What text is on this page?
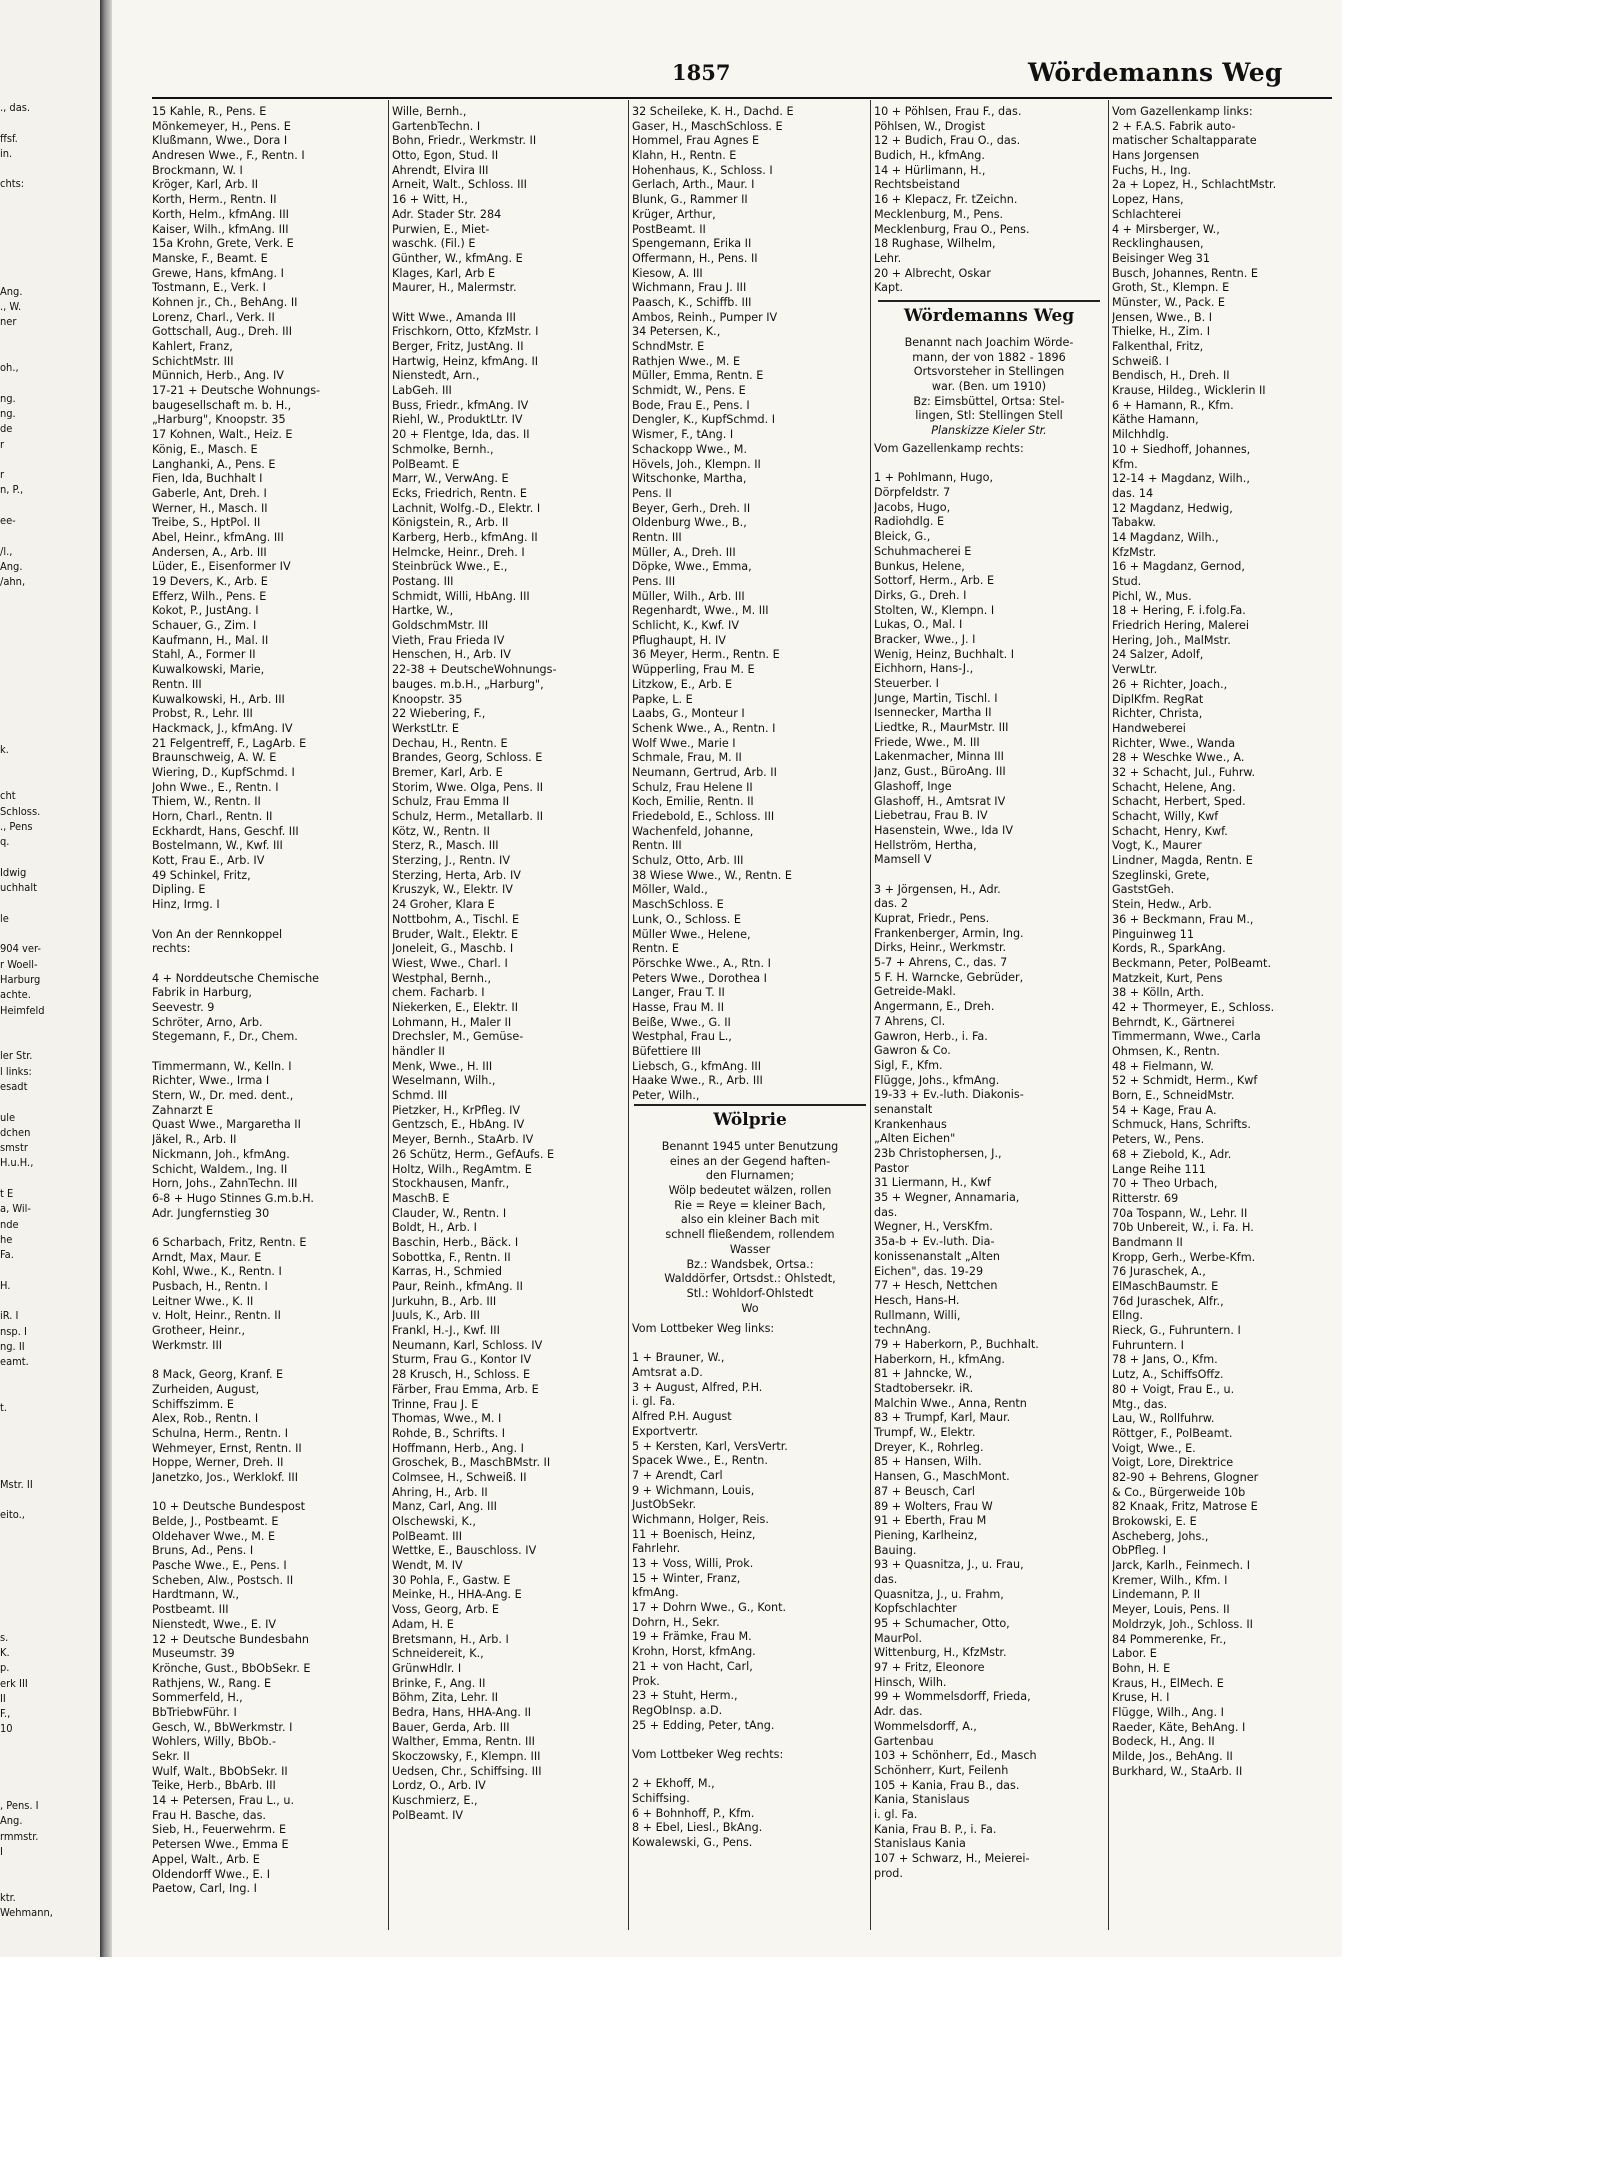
., das.
ffsf.
in.
chts:
Ang.
., W.
ner
oh.,
ng.
ng.
de
r
r
n, P.,
ee-
/l.,
Ang.
/ahn,
k.
cht
Schloss.
., Pens
q.
Idwig
uchhalt
le
904 ver-
r Woell-
Harburg
achte.
Heimfeld
ler Str.
l links:
esadt
ule
dchen
smstr
H.u.H.,
t E
a, Wil-
nde
he
Fa.
H.
iR. I
nsp. I
ng. II
eamt.
t.
Mstr. II
eito.,
s.
K.
p.
erk III
II
F.,
10
, Pens. I
Ang.
rmmstr.
I
ktr.
Wehmann,
1857	Wördemanns Weg
15 Kahle, R., Pens. E
Mönkemeyer, H., Pens. E
Klußmann, Wwe., Dora I
Andresen Wwe., F., Rentn. I
Brockmann, W. I
Kröger, Karl, Arb. II
Korth, Herm., Rentn. II
Korth, Helm., kfmAng. III
Kaiser, Wilh., kfmAng. III
15a Krohn, Grete, Verk. E
Manske, F., Beamt. E
Grewe, Hans, kfmAng. I
Tostmann, E., Verk. I
Kohnen jr., Ch., BehAng. II
Lorenz, Charl., Verk. II
Gottschall, Aug., Dreh. III
Kahlert, Franz,
SchichtMstr. III
Münnich, Herb., Ang. IV
17-21 + Deutsche Wohnungs-
baugesellschaft m. b. H.,
„Harburg", Knoopstr. 35
17 Kohnen, Walt., Heiz. E
König, E., Masch. E
Langhanki, A., Pens. E
Fien, Ida, Buchhalt I
Gaberle, Ant, Dreh. I
Werner, H., Masch. II
Treibe, S., HptPol. II
Abel, Heinr., kfmAng. III
Andersen, A., Arb. III
Lüder, E., Eisenformer IV
19 Devers, K., Arb. E
Efferz, Wilh., Pens. E
Kokot, P., JustAng. I
Schauer, G., Zim. I
Kaufmann, H., Mal. II
Stahl, A., Former II
Kuwalkowski, Marie,
Rentn. III
Kuwalkowski, H., Arb. III
Probst, R., Lehr. III
Hackmack, J., kfmAng. IV
21 Felgentreff, F., LagArb. E
Braunschweig, A. W. E
Wiering, D., KupfSchmd. I
John Wwe., E., Rentn. I
Thiem, W., Rentn. II
Horn, Charl., Rentn. II
Eckhardt, Hans, Geschf. III
Bostelmann, W., Kwf. III
Kott, Frau E., Arb. IV
49 Schinkel, Fritz,
Dipling. E
Hinz, Irmg. I
Von An der Rennkoppel
rechts:
4 + Norddeutsche Chemische
Fabrik in Harburg,
Seevestr. 9
Schröter, Arno, Arb.
Stegemann, F., Dr., Chem.
Timmermann, W., Kelln. I
Richter, Wwe., Irma I
Stern, W., Dr. med. dent.,
Zahnarzt E
Quast Wwe., Margaretha II
Jäkel, R., Arb. II
Nickmann, Joh., kfmAng.
Schicht, Waldem., Ing. II
Horn, Johs., ZahnTechn. III
6-8 + Hugo Stinnes G.m.b.H.
Adr. Jungfernstieg 30
6 Scharbach, Fritz, Rentn. E
Arndt, Max, Maur. E
Kohl, Wwe., K., Rentn. I
Pusbach, H., Rentn. I
Leitner Wwe., K. II
v. Holt, Heinr., Rentn. II
Grotheer, Heinr.,
Werkmstr. III
8 Mack, Georg, Kranf. E
Zurheiden, August,
Schiffszimm. E
Alex, Rob., Rentn. I
Schulna, Herm., Rentn. I
Wehmeyer, Ernst, Rentn. II
Hoppe, Werner, Dreh. II
Janetzko, Jos., Werklokf. III
10 + Deutsche Bundespost
Belde, J., Postbeamt. E
Oldehaver Wwe., M. E
Bruns, Ad., Pens. I
Pasche Wwe., E., Pens. I
Scheben, Alw., Postsch. II
Hardtmann, W.,
Postbeamt. III
Nienstedt, Wwe., E. IV
12 + Deutsche Bundesbahn
Museumstr. 39
Krönche, Gust., BbObSekr. E
Rathjens, W., Rang. E
Sommerfeld, H.,
BbTriebwFühr. I
Gesch, W., BbWerkmstr. I
Wohlers, Willy, BbOb.-
Sekr. II
Wulf, Walt., BbObSekr. II
Teike, Herb., BbArb. III
14 + Petersen, Frau L., u.
Frau H. Basche, das.
Sieb, H., Feuerwehrm. E
Petersen Wwe., Emma E
Appel, Walt., Arb. E
Oldendorff Wwe., E. I
Paetow, Carl, Ing. I
Wille, Bernh.,
GartenbTechn. I
Bohn, Friedr., Werkmstr. II
Otto, Egon, Stud. II
Ahrendt, Elvira III
Arneit, Walt., Schloss. III
16 + Witt, H.,
Adr. Stader Str. 284
Purwien, E., Miet-
waschk. (Fil.) E
Günther, W., kfmAng. E
Klages, Karl, Arb E
Maurer, H., Malermstr.
Witt Wwe., Amanda III
Frischkorn, Otto, KfzMstr. I
Berger, Fritz, JustAng. II
Hartwig, Heinz, kfmAng. II
Nienstedt, Arn.,
LabGeh. III
Buss, Friedr., kfmAng. IV
Riehl, W., ProduktLtr. IV
20 + Flentge, Ida, das. II
Schmolke, Bernh.,
PolBeamt. E
Marr, W., VerwAng. E
Ecks, Friedrich, Rentn. E
Lachnit, Wolfg.-D., Elektr. I
Königstein, R., Arb. II
Karberg, Herb., kfmAng. II
Helmcke, Heinr., Dreh. I
Steinbrück Wwe., E.,
Postang. III
Schmidt, Willi, HbAng. III
Hartke, W.,
GoldschmMstr. III
Vieth, Frau Frieda IV
Henschen, H., Arb. IV
22-38 + DeutscheWohnungs-
bauges. m.b.H., „Harburg",
Knoopstr. 35
22 Wiebering, F.,
WerkstLtr. E
Dechau, H., Rentn. E
Brandes, Georg, Schloss. E
Bremer, Karl, Arb. E
Storim, Wwe. Olga, Pens. II
Schulz, Frau Emma II
Schulz, Herm., Metallarb. II
Kötz, W., Rentn. II
Sterz, R., Masch. III
Sterzing, J., Rentn. IV
Sterzing, Herta, Arb. IV
Kruszyk, W., Elektr. IV
24 Groher, Klara E
Nottbohm, A., Tischl. E
Bruder, Walt., Elektr. E
Joneleit, G., Maschb. I
Wiest, Wwe., Charl. I
Westphal, Bernh.,
chem. Facharb. I
Niekerken, E., Elektr. II
Lohmann, H., Maler II
Drechsler, M., Gemüse-
händler II
Menk, Wwe., H. III
Weselmann, Wilh.,
Schmd. III
Pietzker, H., KrPfleg. IV
Gentzsch, E., HbAng. IV
Meyer, Bernh., StaArb. IV
26 Schütz, Herm., GefAufs. E
Holtz, Wilh., RegAmtm. E
Stockhausen, Manfr.,
MaschB. E
Clauder, W., Rentn. I
Boldt, H., Arb. I
Baschin, Herb., Bäck. I
Sobottka, F., Rentn. II
Karras, H., Schmied
Paur, Reinh., kfmAng. II
Jurkuhn, B., Arb. III
Juuls, K., Arb. III
Frankl, H.-J., Kwf. III
Neumann, Karl, Schloss. IV
Sturm, Frau G., Kontor IV
28 Krusch, H., Schloss. E
Färber, Frau Emma, Arb. E
Trinne, Frau J. E
Thomas, Wwe., M. I
Rohde, B., Schrifts. I
Hoffmann, Herb., Ang. I
Groschek, B., MaschBMstr. II
Colmsee, H., Schweiß. II
Ahring, H., Arb. II
Manz, Carl, Ang. III
Olschewski, K.,
PolBeamt. III
Wettke, E., Bauschloss. IV
Wendt, M. IV
30 Pohla, F., Gastw. E
Meinke, H., HHA-Ang. E
Voss, Georg, Arb. E
Adam, H. E
Bretsmann, H., Arb. I
Schneidereit, K.,
GrünwHdlr. I
Brinke, F., Ang. II
Böhm, Zita, Lehr. II
Bedra, Hans, HHA-Ang. II
Bauer, Gerda, Arb. III
Walther, Emma, Rentn. III
Skoczowsky, F., Klempn. III
Uedsen, Chr., Schiffsing. III
Lordz, O., Arb. IV
Kuschmierz, E.,
PolBeamt. IV
32 Scheileke, K. H., Dachd. E
Gaser, H., MaschSchloss. E
Hommel, Frau Agnes E
Klahn, H., Rentn. E
Hohenhaus, K., Schloss. I
Gerlach, Arth., Maur. I
Blunk, G., Rammer II
Krüger, Arthur,
PostBeamt. II
Spengemann, Erika II
Offermann, H., Pens. II
Kiesow, A. III
Wichmann, Frau J. III
Paasch, K., Schiffb. III
Ambos, Reinh., Pumper IV
34 Petersen, K.,
SchndMstr. E
Rathjen Wwe., M. E
Müller, Emma, Rentn. E
Schmidt, W., Pens. E
Bode, Frau E., Pens. I
Dengler, K., KupfSchmd. I
Wismer, F., tAng. I
Schackopp Wwe., M.
Hövels, Joh., Klempn. II
Witschonke, Martha,
Pens. II
Beyer, Gerh., Dreh. II
Oldenburg Wwe., B.,
Rentn. III
Müller, A., Dreh. III
Döpke, Wwe., Emma,
Pens. III
Müller, Wilh., Arb. III
Regenhardt, Wwe., M. III
Schlicht, K., Kwf. IV
Pflughaupt, H. IV
36 Meyer, Herm., Rentn. E
Wüpperling, Frau M. E
Litzkow, E., Arb. E
Papke, L. E
Laabs, G., Monteur I
Schenk Wwe., A., Rentn. I
Wolf Wwe., Marie I
Schmale, Frau, M. II
Neumann, Gertrud, Arb. II
Schulz, Frau Helene II
Koch, Emilie, Rentn. II
Friedebold, E., Schloss. III
Wachenfeld, Johanne,
Rentn. III
Schulz, Otto, Arb. III
38 Wiese Wwe., W., Rentn. E
Möller, Wald.,
MaschSchloss. E
Lunk, O., Schloss. E
Müller Wwe., Helene,
Rentn. E
Pörschke Wwe., A., Rtn. I
Peters Wwe., Dorothea I
Langer, Frau T. II
Hasse, Frau M. II
Beiße, Wwe., G. II
Westphal, Frau L.,
Büfettiere III
Liebsch, G., kfmAng. III
Haake Wwe., R., Arb. III
Peter, Wilh.,
Wölprie
Benannt 1945 unter Benutzung
eines an der Gegend haften-
den Flurnamen;
Wölp bedeutet wälzen, rollen
Rie = Reye = kleiner Bach,
also ein kleiner Bach mit
schnell fließendem, rollendem
Wasser
Bz.: Wandsbek, Ortsa.:
Walddörfer, Ortsdst.: Ohlstedt,
Stl.: Wohldorf-Ohlstedt
Wo
Vom Lottbeker Weg links:
1 + Brauner, W.,
Amtsrat a.D.
3 + August, Alfred, P.H.
i. gl. Fa.
Alfred P.H. August
Exportvertr.
5 + Kersten, Karl, VersVertr.
Spacek Wwe., E., Rentn.
7 + Arendt, Carl
9 + Wichmann, Louis,
JustObSekr.
Wichmann, Holger, Reis.
11 + Boenisch, Heinz,
Fahrlehr.
13 + Voss, Willi, Prok.
15 + Winter, Franz,
kfmAng.
17 + Dohrn Wwe., G., Kont.
Dohrn, H., Sekr.
19 + Främke, Frau M.
Krohn, Horst, kfmAng.
21 + von Hacht, Carl,
Prok.
23 + Stuht, Herm.,
RegObInsp. a.D.
25 + Edding, Peter, tAng.
Vom Lottbeker Weg rechts:
2 + Ekhoff, M.,
Schiffsing.
6 + Bohnhoff, P., Kfm.
8 + Ebel, Liesl., BkAng.
Kowalewski, G., Pens.
10 + Pöhlsen, Frau F., das.
Pöhlsen, W., Drogist
12 + Budich, Frau O., das.
Budich, H., kfmAng.
14 + Hürlimann, H.,
Rechtsbeistand
16 + Klepacz, Fr. tZeichn.
Mecklenburg, M., Pens.
Mecklenburg, Frau O., Pens.
18 Rughase, Wilhelm,
Lehr.
20 + Albrecht, Oskar
Kapt.
Wördemanns Weg
Benannt nach Joachim Wörde-
mann, der von 1882 - 1896
Ortsvorsteher in Stellingen
war. (Ben. um 1910)
Bz: Eimsbüttel, Ortsa: Stel-
lingen, Stl: Stellingen Stell
Planskizze Kieler Str.
Vom Gazellenkamp rechts:
1 + Pohlmann, Hugo,
Dörpfeldstr. 7
Jacobs, Hugo,
Radiohdlg. E
Bleick, G.,
Schuhmacherei E
Bunkus, Helene,
Sottorf, Herm., Arb. E
Dirks, G., Dreh. I
Stolten, W., Klempn. I
Lukas, O., Mal. I
Bracker, Wwe., J. I
Wenig, Heinz, Buchhalt. I
Eichhorn, Hans-J.,
Steuerber. I
Junge, Martin, Tischl. I
Isennecker, Martha II
Liedtke, R., MaurMstr. III
Friede, Wwe., M. III
Lakenmacher, Minna III
Janz, Gust., BüroAng. III
Glashoff, Inge
Glashoff, H., Amtsrat IV
Liebetrau, Frau B. IV
Hasenstein, Wwe., Ida IV
Hellström, Hertha,
Mamsell V
3 + Jörgensen, H., Adr.
das. 2
Kuprat, Friedr., Pens.
Frankenberger, Armin, Ing.
Dirks, Heinr., Werkmstr.
5-7 + Ahrens, C., das. 7
5 F. H. Warncke, Gebrüder,
Getreide-Makl.
Angermann, E., Dreh.
7 Ahrens, Cl.
Gawron, Herb., i. Fa.
Gawron & Co.
Sigl, F., Kfm.
Flügge, Johs., kfmAng.
19-33 + Ev.-luth. Diakonis-
senanstalt
Krankenhaus
„Alten Eichen"
23b Christophersen, J.,
Pastor
31 Liermann, H., Kwf
35 + Wegner, Annamaria,
das.
Wegner, H., VersKfm.
35a-b + Ev.-luth. Dia-
konissenanstalt „Alten
Eichen", das. 19-29
77 + Hesch, Nettchen
Hesch, Hans-H.
Rullmann, Willi,
technAng.
79 + Haberkorn, P., Buchhalt.
Haberkorn, H., kfmAng.
81 + Jahncke, W.,
Stadtobersekr. iR.
Malchin Wwe., Anna, Rentn
83 + Trumpf, Karl, Maur.
Trumpf, W., Elektr.
Dreyer, K., Rohrleg.
85 + Hansen, Wilh.
Hansen, G., MaschMont.
87 + Beusch, Carl
89 + Wolters, Frau W
91 + Eberth, Frau M
Piening, Karlheinz,
Bauing.
93 + Quasnitza, J., u. Frau,
das.
Quasnitza, J., u. Frahm,
Kopfschlachter
95 + Schumacher, Otto,
MaurPol.
Wittenburg, H., KfzMstr.
97 + Fritz, Eleonore
Hinsch, Wilh.
99 + Wommelsdorff, Frieda,
Adr. das.
Wommelsdorff, A.,
Gartenbau
103 + Schönherr, Ed., Masch
Schönherr, Kurt, Feilenh
105 + Kania, Frau B., das.
Kania, Stanislaus
i. gl. Fa.
Kania, Frau B. P., i. Fa.
Stanislaus Kania
107 + Schwarz, H., Meierei-
prod.
Vom Gazellenkamp links:
2 + F.A.S. Fabrik auto-
matischer Schaltapparate
Hans Jorgensen
Fuchs, H., Ing.
2a + Lopez, H., SchlachtMstr.
Lopez, Hans,
Schlachterei
4 + Mirsberger, W.,
Recklinghausen,
Beisinger Weg 31
Busch, Johannes, Rentn. E
Groth, St., Klempn. E
Münster, W., Pack. E
Jensen, Wwe., B. I
Thielke, H., Zim. I
Falkenthal, Fritz,
Schweiß. I
Bendisch, H., Dreh. II
Krause, Hildeg., Wicklerin II
6 + Hamann, R., Kfm.
Käthe Hamann,
Milchhdlg.
10 + Siedhoff, Johannes,
Kfm.
12-14 + Magdanz, Wilh.,
das. 14
12 Magdanz, Hedwig,
Tabakw.
14 Magdanz, Wilh.,
KfzMstr.
16 + Magdanz, Gernod,
Stud.
Pichl, W., Mus.
18 + Hering, F. i.folg.Fa.
Friedrich Hering, Malerei
Hering, Joh., MalMstr.
24 Salzer, Adolf,
VerwLtr.
26 + Richter, Joach.,
DiplKfm. RegRat
Richter, Christa,
Handweberei
Richter, Wwe., Wanda
28 + Weschke Wwe., A.
32 + Schacht, Jul., Fuhrw.
Schacht, Helene, Ang.
Schacht, Herbert, Sped.
Schacht, Willy, Kwf
Schacht, Henry, Kwf.
Vogt, K., Maurer
Lindner, Magda, Rentn. E
Szeglinski, Grete,
GaststGeh.
Stein, Hedw., Arb.
36 + Beckmann, Frau M.,
Pinguinweg 11
Kords, R., SparkAng.
Beckmann, Peter, PolBeamt.
Matzkeit, Kurt, Pens
38 + Kölln, Arth.
42 + Thormeyer, E., Schloss.
Behrndt, K., Gärtnerei
Timmermann, Wwe., Carla
Ohmsen, K., Rentn.
48 + Fielmann, W.
52 + Schmidt, Herm., Kwf
Born, E., SchneidMstr.
54 + Kage, Frau A.
Schmuck, Hans, Schrifts.
Peters, W., Pens.
68 + Ziebold, K., Adr.
Lange Reihe 111
70 + Theo Urbach,
Ritterstr. 69
70a Tospann, W., Lehr. II
70b Unbereit, W., i. Fa. H.
Bandmann II
Kropp, Gerh., Werbe-Kfm.
76 Juraschek, A.,
ElMaschBaumstr. E
76d Juraschek, Alfr.,
Ellng.
Rieck, G., Fuhruntern. I
Fuhruntern. I
78 + Jans, O., Kfm.
Lutz, A., SchiffsOffz.
80 + Voigt, Frau E., u.
Mtg., das.
Lau, W., Rollfuhrw.
Röttger, F., PolBeamt.
Voigt, Wwe., E.
Voigt, Lore, Direktrice
82-90 + Behrens, Glogner
& Co., Bürgerweide 10b
82 Knaak, Fritz, Matrose E
Brokowski, E. E
Ascheberg, Johs.,
ObPfleg. I
Jarck, Karlh., Feinmech. I
Kremer, Wilh., Kfm. I
Lindemann, P. II
Meyer, Louis, Pens. II
Moldrzyk, Joh., Schloss. II
84 Pommerenke, Fr.,
Labor. E
Bohn, H. E
Kraus, H., ElMech. E
Kruse, H. I
Flügge, Wilh., Ang. I
Raeder, Käte, BehAng. I
Bodeck, H., Ang. II
Milde, Jos., BehAng. II
Burkhard, W., StaArb. II
